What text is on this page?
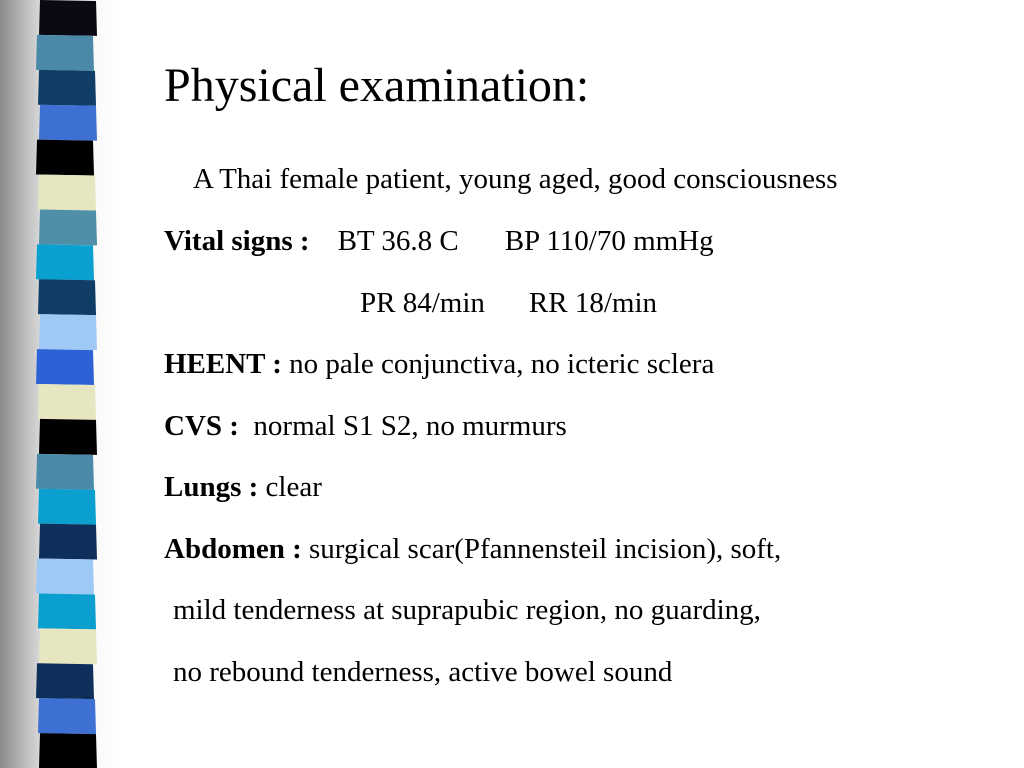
Physical examination:
A Thai female patient, young aged, good consciousness
Vital signs : BT 36.8 C BP 110/70 mmHg
PR 84/min RR 18/min
HEENT : no pale conjunctiva, no icteric sclera
CVS :  normal S1 S2, no murmurs
Lungs : clear
Abdomen : surgical scar(Pfannensteil incision), soft,
mild tenderness at suprapubic region, no guarding,
no rebound tenderness, active bowel sound
